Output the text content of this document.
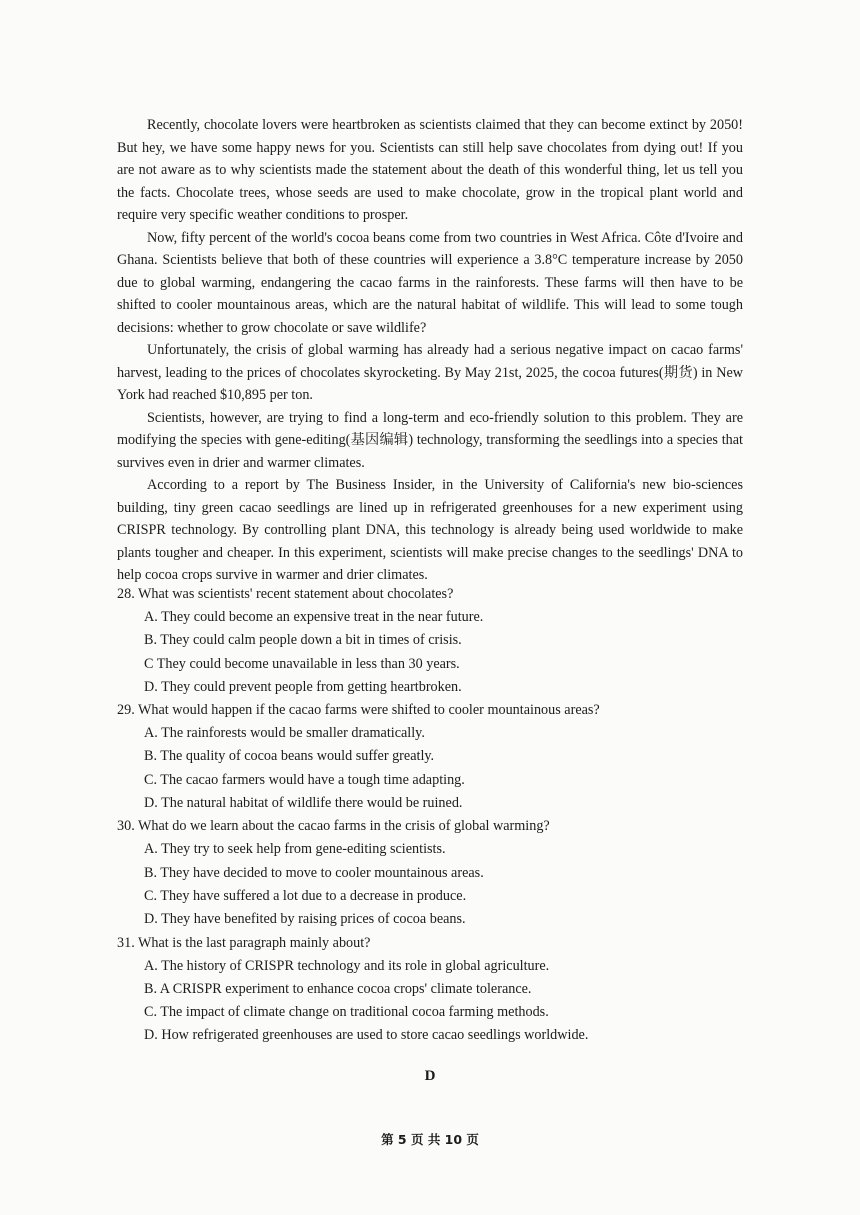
Recently, chocolate lovers were heartbroken as scientists claimed that they can become extinct by 2050! But hey, we have some happy news for you. Scientists can still help save chocolates from dying out! If you are not aware as to why scientists made the statement about the death of this wonderful thing, let us tell you the facts. Chocolate trees, whose seeds are used to make chocolate, grow in the tropical plant world and require very specific weather conditions to prosper.

Now, fifty percent of the world's cocoa beans come from two countries in West Africa. Côte d'Ivoire and Ghana. Scientists believe that both of these countries will experience a 3.8°C temperature increase by 2050 due to global warming, endangering the cacao farms in the rainforests. These farms will then have to be shifted to cooler mountainous areas, which are the natural habitat of wildlife. This will lead to some tough decisions: whether to grow chocolate or save wildlife?

Unfortunately, the crisis of global warming has already had a serious negative impact on cacao farms' harvest, leading to the prices of chocolates skyrocketing. By May 21st, 2025, the cocoa futures(期货) in New York had reached $10,895 per ton.

Scientists, however, are trying to find a long-term and eco-friendly solution to this problem. They are modifying the species with gene-editing(基因编辑) technology, transforming the seedlings into a species that survives even in drier and warmer climates.

According to a report by The Business Insider, in the University of California's new bio-sciences building, tiny green cacao seedlings are lined up in refrigerated greenhouses for a new experiment using CRISPR technology. By controlling plant DNA, this technology is already being used worldwide to make plants tougher and cheaper. In this experiment, scientists will make precise changes to the seedlings' DNA to help cocoa crops survive in warmer and drier climates.

28. What was scientists' recent statement about chocolates?

A. They could become an expensive treat in the near future.

B. They could calm people down a bit in times of crisis.

C They could become unavailable in less than 30 years.

D. They could prevent people from getting heartbroken.

29. What would happen if the cacao farms were shifted to cooler mountainous areas?

A. The rainforests would be smaller dramatically.

B. The quality of cocoa beans would suffer greatly.

C. The cacao farmers would have a tough time adapting.

D. The natural habitat of wildlife there would be ruined.

30. What do we learn about the cacao farms in the crisis of global warming?

A. They try to seek help from gene-editing scientists.

B. They have decided to move to cooler mountainous areas.

C. They have suffered a lot due to a decrease in produce.

D. They have benefited by raising prices of cocoa beans.

31. What is the last paragraph mainly about?

A. The history of CRISPR technology and its role in global agriculture.

B. A CRISPR experiment to enhance cocoa crops' climate tolerance.

C. The impact of climate change on traditional cocoa farming methods.

D. How refrigerated greenhouses are used to store cacao seedlings worldwide.

D
第 5 页 共 10 页
